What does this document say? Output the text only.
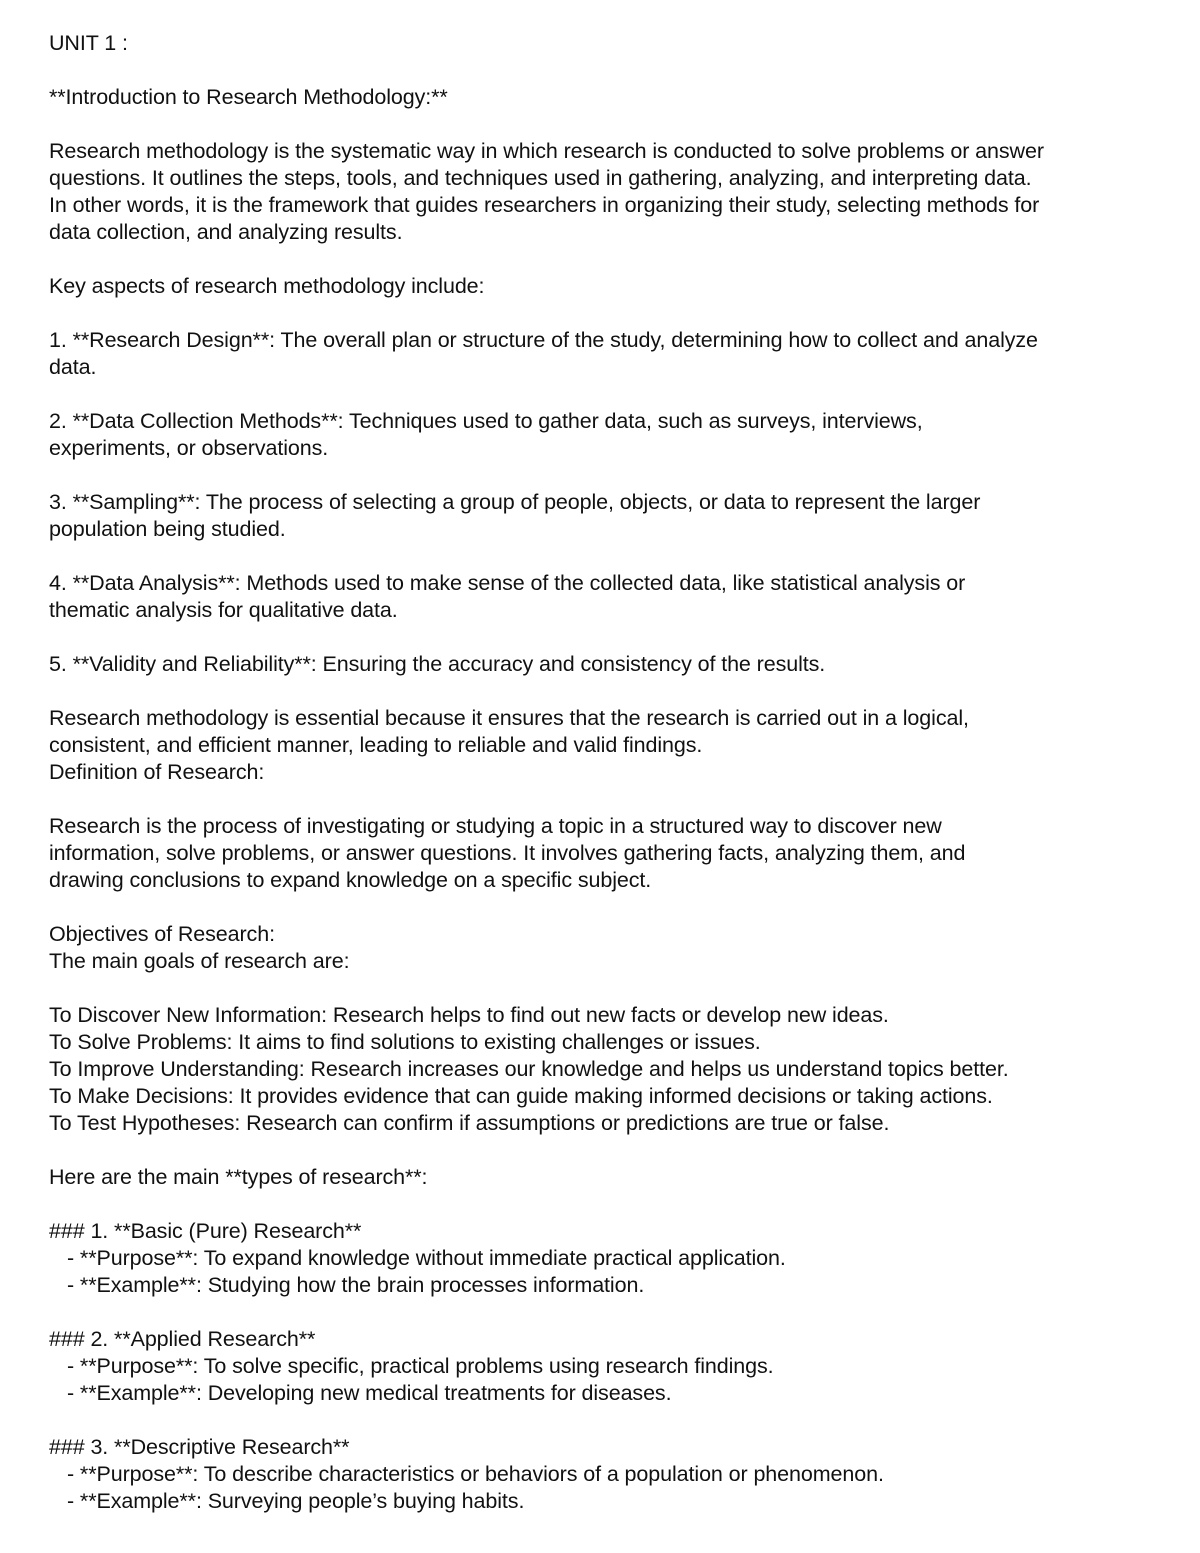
UNIT 1 :
**Introduction to Research Methodology:**
Research methodology is the systematic way in which research is conducted to solve problems or answer
questions. It outlines the steps, tools, and techniques used in gathering, analyzing, and interpreting data.
In other words, it is the framework that guides researchers in organizing their study, selecting methods for
data collection, and analyzing results.
Key aspects of research methodology include:
1. **Research Design**: The overall plan or structure of the study, determining how to collect and analyze
data.
2. **Data Collection Methods**: Techniques used to gather data, such as surveys, interviews,
experiments, or observations.
3. **Sampling**: The process of selecting a group of people, objects, or data to represent the larger
population being studied.
4. **Data Analysis**: Methods used to make sense of the collected data, like statistical analysis or
thematic analysis for qualitative data.
5. **Validity and Reliability**: Ensuring the accuracy and consistency of the results.
Research methodology is essential because it ensures that the research is carried out in a logical,
consistent, and efficient manner, leading to reliable and valid findings.
Definition of Research:
Research is the process of investigating or studying a topic in a structured way to discover new
information, solve problems, or answer questions. It involves gathering facts, analyzing them, and
drawing conclusions to expand knowledge on a specific subject.
Objectives of Research:
The main goals of research are:
To Discover New Information: Research helps to find out new facts or develop new ideas.
To Solve Problems: It aims to find solutions to existing challenges or issues.
To Improve Understanding: Research increases our knowledge and helps us understand topics better.
To Make Decisions: It provides evidence that can guide making informed decisions or taking actions.
To Test Hypotheses: Research can confirm if assumptions or predictions are true or false.
Here are the main **types of research**:
### 1. **Basic (Pure) Research**
- **Purpose**: To expand knowledge without immediate practical application.
- **Example**: Studying how the brain processes information.
### 2. **Applied Research**
- **Purpose**: To solve specific, practical problems using research findings.
- **Example**: Developing new medical treatments for diseases.
### 3. **Descriptive Research**
- **Purpose**: To describe characteristics or behaviors of a population or phenomenon.
- **Example**: Surveying people’s buying habits.
